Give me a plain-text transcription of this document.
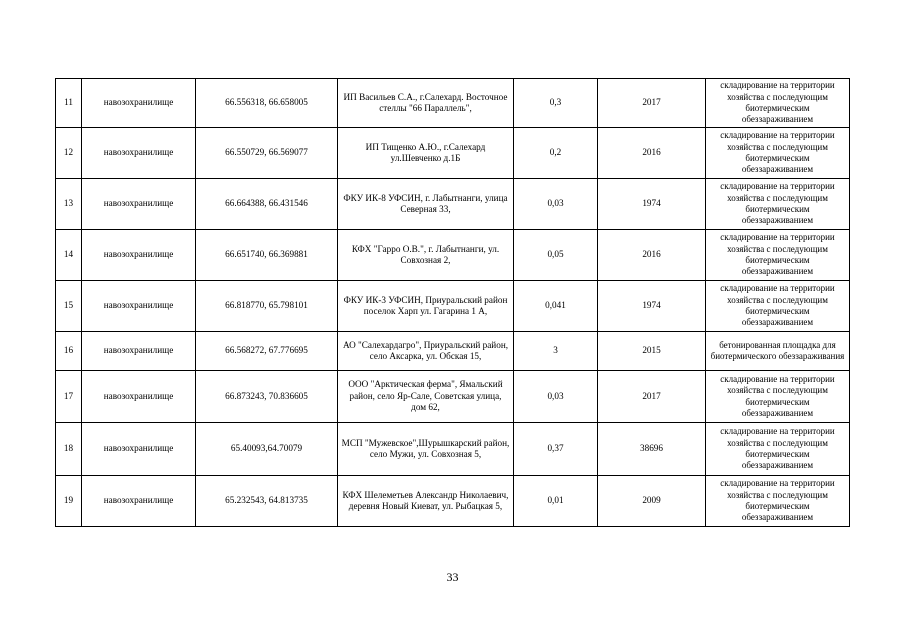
11	навозохранилище	66.556318, 66.658005	ИП Васильев С.А., г.Салехард. Восточное стеллы "66 Параллель",	0,3	2017	складирование на территории хозяйства с последующим биотермическим обеззараживанием
12	навозохранилище	66.550729, 66.569077	ИП Тищенко А.Ю., г.Салехард ул.Шевченко д.1Б	0,2	2016	складирование на территории хозяйства с последующим биотермическим обеззараживанием
13	навозохранилище	66.664388, 66.431546	ФКУ ИК-8 УФСИН, г. Лабытнанги, улица Северная 33,	0,03	1974	складирование на территории хозяйства с последующим биотермическим обеззараживанием
14	навозохранилище	66.651740, 66.369881	КФХ "Гарро О.В.", г. Лабытнанги, ул. Совхозная 2,	0,05	2016	складирование на территории хозяйства с последующим биотермическим обеззараживанием
15	навозохранилище	66.818770, 65.798101	ФКУ ИК-3 УФСИН, Приуральский район поселок Харп ул. Гагарина 1 А,	0,041	1974	складирование на территории хозяйства с последующим биотермическим обеззараживанием
16	навозохранилище	66.568272, 67.776695	АО "Салехардагро", Приуральский район, село Аксарка, ул. Обская 15,	3	2015	бетонированная площадка для биотермического обеззараживания
17	навозохранилище	66.873243, 70.836605	ООО "Арктическая ферма", Ямальский район, село Яр-Сале, Советская улица, дом 62,	0,03	2017	складирование на территории хозяйства с последующим биотермическим обеззараживанием
18	навозохранилище	65.40093,64.70079	МСП "Мужевское",Шурышкарский район, село Мужи, ул. Совхозная 5,	0,37	38696	складирование на территории хозяйства с последующим биотермическим обеззараживанием
19	навозохранилище	65.232543, 64.813735	КФХ Шелеметьев Александр Николаевич, деревня Новый Киеват, ул. Рыбацкая 5,	0,01	2009	складирование на территории хозяйства с последующим биотермическим обеззараживанием
33
